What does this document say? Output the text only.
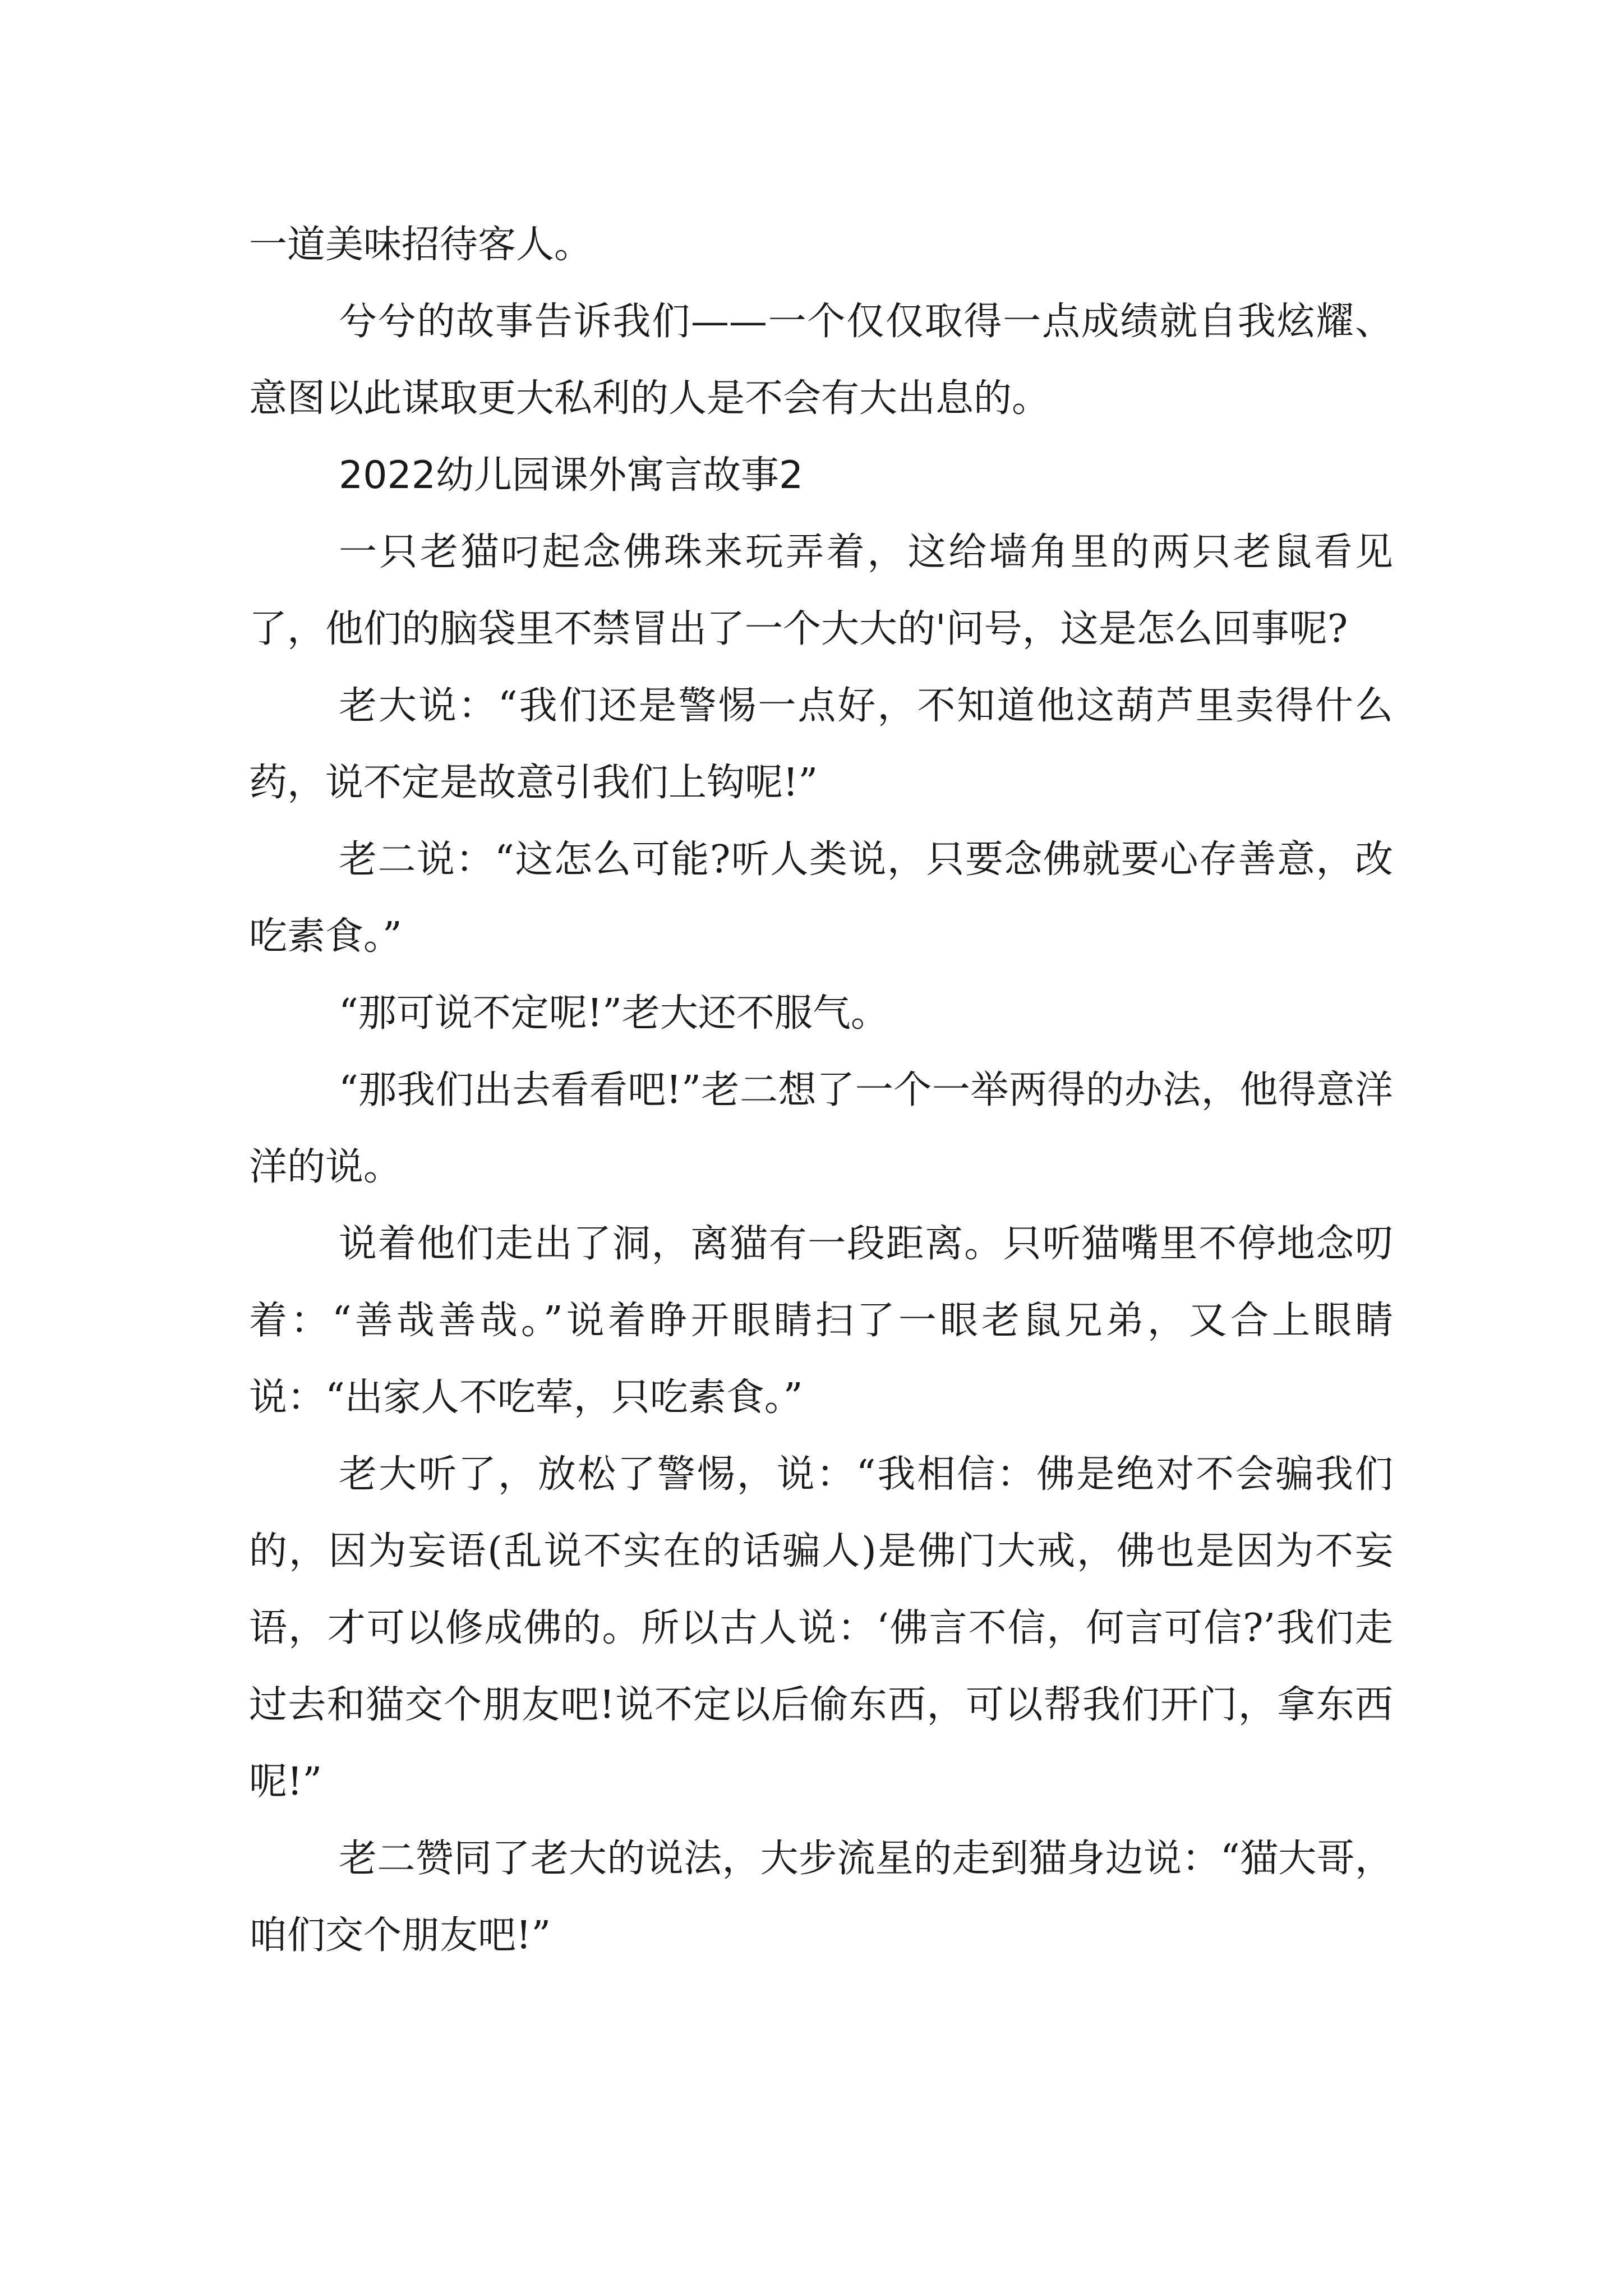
一道美味招待客人。

兮兮的故事告诉我们——一个仅仅取得一点成绩就自我炫耀、意图以此谋取更大私利的人是不会有大出息的。

2022幼儿园课外寓言故事2

一只老猫叼起念佛珠来玩弄着，这给墙角里的两只老鼠看见了，他们的脑袋里不禁冒出了一个大大的'问号，这是怎么回事呢?

老大说：“我们还是警惕一点好，不知道他这葫芦里卖得什么药，说不定是故意引我们上钩呢!”

老二说：“这怎么可能?听人类说，只要念佛就要心存善意，改吃素食。”

“那可说不定呢!”老大还不服气。

“那我们出去看看吧!”老二想了一个一举两得的办法，他得意洋洋的说。

说着他们走出了洞，离猫有一段距离。只听猫嘴里不停地念叨着：“善哉善哉。”说着睁开眼睛扫了一眼老鼠兄弟，又合上眼睛说：“出家人不吃荤，只吃素食。”

老大听了，放松了警惕，说：“我相信：佛是绝对不会骗我们的，因为妄语(乱说不实在的话骗人)是佛门大戒，佛也是因为不妄语，才可以修成佛的。所以古人说：‘佛言不信，何言可信?’我们走过去和猫交个朋友吧!说不定以后偷东西，可以帮我们开门，拿东西呢!”

老二赞同了老大的说法，大步流星的走到猫身边说：“猫大哥，咱们交个朋友吧!”
